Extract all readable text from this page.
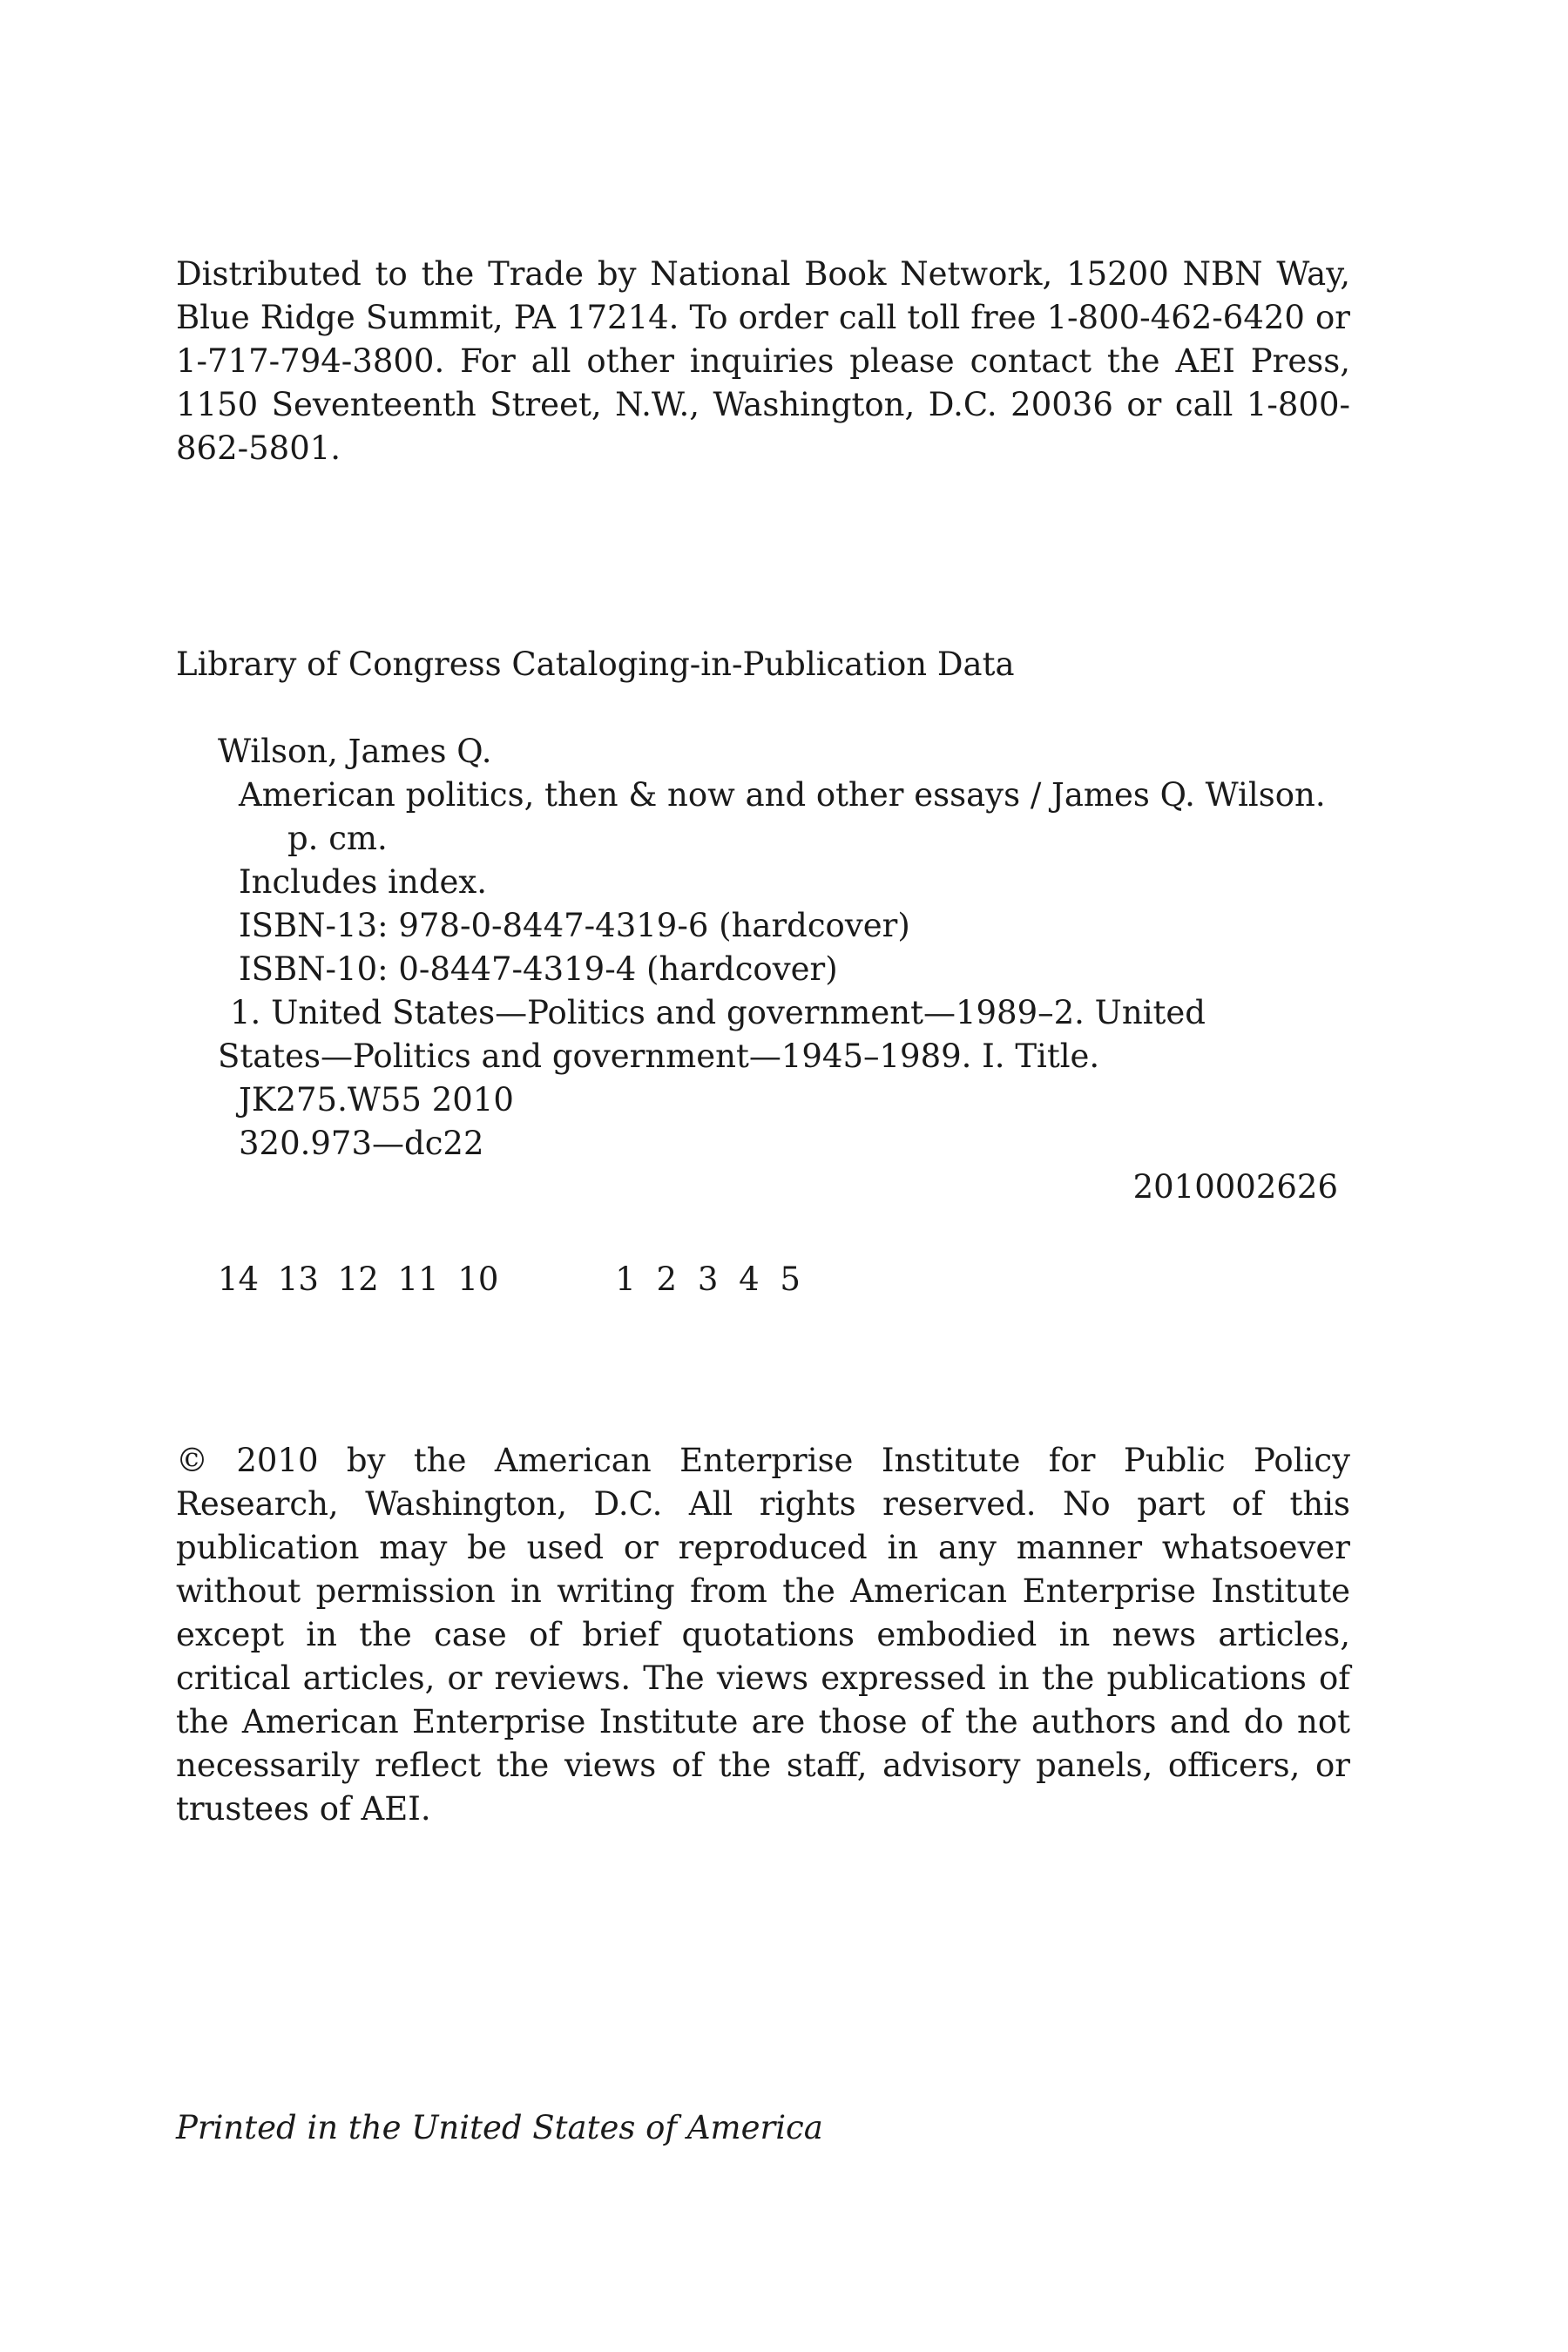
Distributed to the Trade by National Book Network, 15200 NBN Way, Blue Ridge Summit, PA 17214. To order call toll free 1-800-462-6420 or 1-717-794-3800. For all other inquiries please contact the AEI Press, 1150 Seventeenth Street, N.W., Washington, D.C. 20036 or call 1-800-862-5801.

Library of Congress Cataloging-in-Publication Data

Wilson, James Q.
American politics, then & now and other essays / James Q. Wilson.
p. cm.
Includes index.
ISBN-13: 978-0-8447-4319-6 (hardcover)
ISBN-10: 0-8447-4319-4 (hardcover)
1. United States—Politics and government—1989–2. United
States—Politics and government—1945–1989. I. Title.
JK275.W55 2010
320.973—dc22
2010002626
14 13 12 11 10	1 2 3 4 5

© 2010 by the American Enterprise Institute for Public Policy Research, Washington, D.C. All rights reserved. No part of this publication may be used or reproduced in any manner whatsoever without permission in writing from the American Enterprise Institute except in the case of brief quotations embodied in news articles, critical articles, or reviews. The views expressed in the publications of the American Enterprise Institute are those of the authors and do not necessarily reflect the views of the staff, advisory panels, officers, or trustees of AEI.

Printed in the United States of America
